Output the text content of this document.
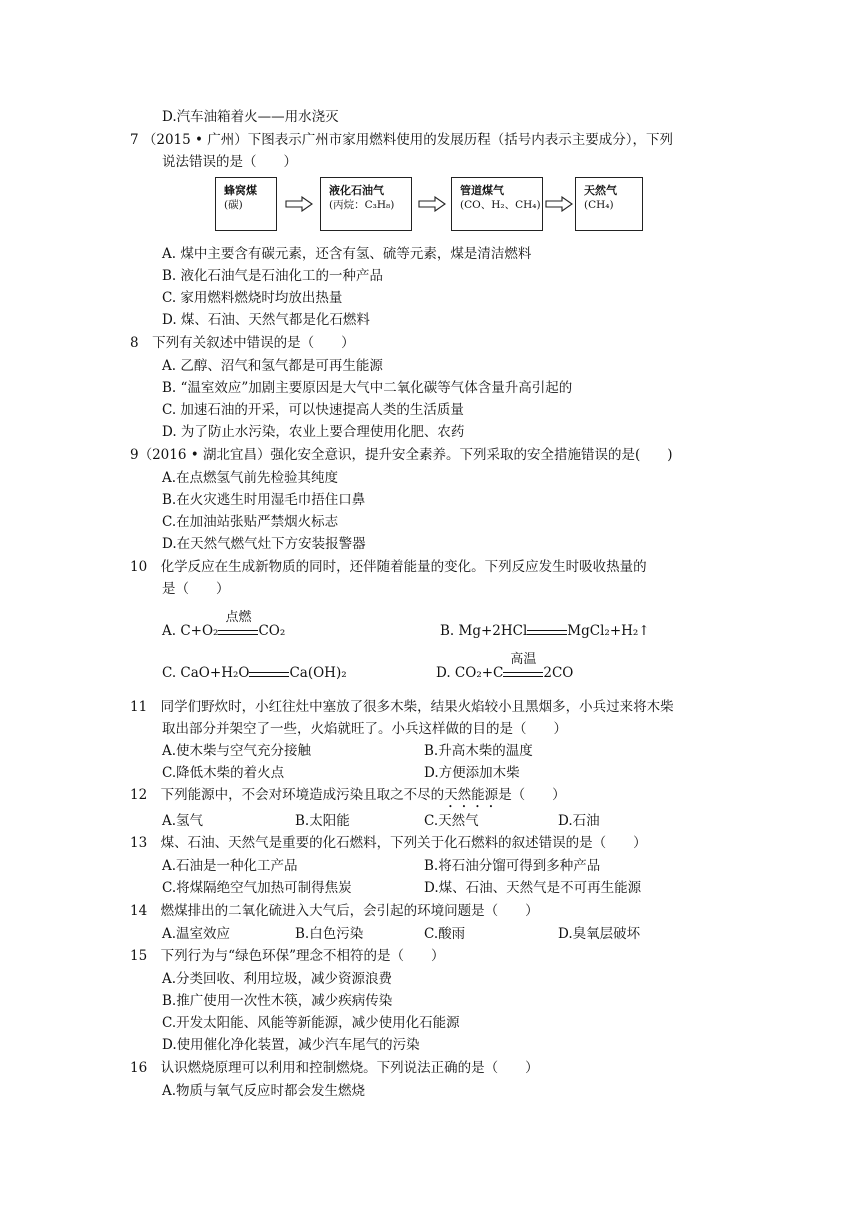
D.汽车油箱着火——用水浇灭
7 （2015 • 广州）下图表示广州市家用燃料使用的发展历程（括号内表示主要成分），下列
说法错误的是（　　）
蜂窝煤
(碳)
液化石油气
(丙烷：C₃H₈)
管道煤气
(CO、H₂、CH₄)
天然气
(CH₄)
A. 煤中主要含有碳元素，还含有氢、硫等元素，煤是清洁燃料
B. 液化石油气是石油化工的一种产品
C. 家用燃料燃烧时均放出热量
D. 煤、石油、天然气都是化石燃料
8　下列有关叙述中错误的是（　　）
A. 乙醇、沼气和氢气都是可再生能源
B. “温室效应”加剧主要原因是大气中二氧化碳等气体含量升高引起的
C. 加速石油的开采，可以快速提高人类的生活质量
D. 为了防止水污染，农业上要合理使用化肥、农药
9（2016 • 湖北宜昌）强化安全意识，提升安全素养。下列采取的安全措施错误的是(　　)
A.在点燃氢气前先检验其纯度
B.在火灾逃生时用湿毛巾捂住口鼻
C.在加油站张贴严禁烟火标志
D.在天然气燃气灶下方安装报警器
10　化学反应在生成新物质的同时，还伴随着能量的变化。下列反应发生时吸收热量的
是（　　）
A. C+O₂
点燃
CO₂	B. Mg+2HCl	MgCl₂+H₂↑
C. CaO+H₂O	Ca(OH)₂	D. CO₂+C
高温
2CO
11　同学们野炊时，小红往灶中塞放了很多木柴，结果火焰较小且黑烟多，小兵过来将木柴
取出部分并架空了一些，火焰就旺了。小兵这样做的目的是（　　）
A.使木柴与空气充分接触	B.升高木柴的温度
C.降低木柴的着火点	D.方便添加木柴
12　下列能源中，不会对环境造成污染且取之不尽的天然能源是（　　）
A.氢气	B.太阳能	C.天然气	D.石油
13　煤、石油、天然气是重要的化石燃料，下列关于化石燃料的叙述错误的是（　　）
A.石油是一种化工产品	B.将石油分馏可得到多种产品
C.将煤隔绝空气加热可制得焦炭	D.煤、石油、天然气是不可再生能源
14　燃煤排出的二氧化硫进入大气后，会引起的环境问题是（　　）
A.温室效应	B.白色污染	C.酸雨	D.臭氧层破坏
15　下列行为与“绿色环保”理念不相符的是（　　）
A.分类回收、利用垃圾，减少资源浪费
B.推广使用一次性木筷，减少疾病传染
C.开发太阳能、风能等新能源，减少使用化石能源
D.使用催化净化装置，减少汽车尾气的污染
16　认识燃烧原理可以利用和控制燃烧。下列说法正确的是（　　）
A.物质与氧气反应时都会发生燃烧
